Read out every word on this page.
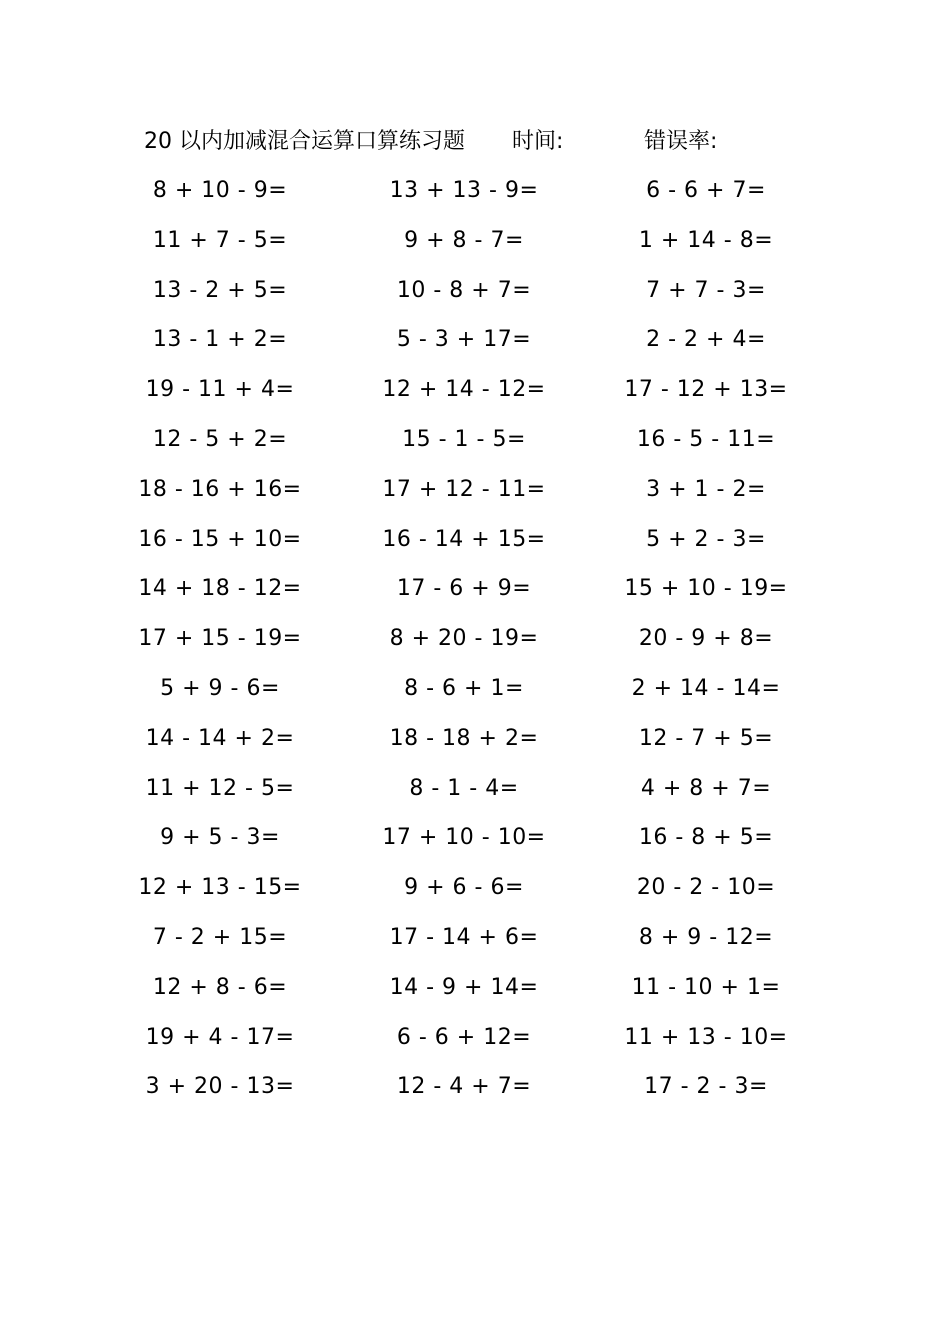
20 以内加减混合运算口算练习题 时间:	错误率:
8 + 10 - 9=	13 + 13 - 9=	6 - 6 + 7=
11 + 7 - 5=	9 + 8 - 7=	1 + 14 - 8=
13 - 2 + 5=	10 - 8 + 7=	7 + 7 - 3=
13 - 1 + 2=	5 - 3 + 17=	2 - 2 + 4=
19 - 11 + 4=	12 + 14 - 12=	17 - 12 + 13=
12 - 5 + 2=	15 - 1 - 5=	16 - 5 - 11=
18 - 16 + 16=	17 + 12 - 11=	3 + 1 - 2=
16 - 15 + 10=	16 - 14 + 15=	5 + 2 - 3=
14 + 18 - 12=	17 - 6 + 9=	15 + 10 - 19=
17 + 15 - 19=	8 + 20 - 19=	20 - 9 + 8=
5 + 9 - 6=	8 - 6 + 1=	2 + 14 - 14=
14 - 14 + 2=	18 - 18 + 2=	12 - 7 + 5=
11 + 12 - 5=	8 - 1 - 4=	4 + 8 + 7=
9 + 5 - 3=	17 + 10 - 10=	16 - 8 + 5=
12 + 13 - 15=	9 + 6 - 6=	20 - 2 - 10=
7 - 2 + 15=	17 - 14 + 6=	8 + 9 - 12=
12 + 8 - 6=	14 - 9 + 14=	11 - 10 + 1=
19 + 4 - 17=	6 - 6 + 12=	11 + 13 - 10=
3 + 20 - 13=	12 - 4 + 7=	17 - 2 - 3=
